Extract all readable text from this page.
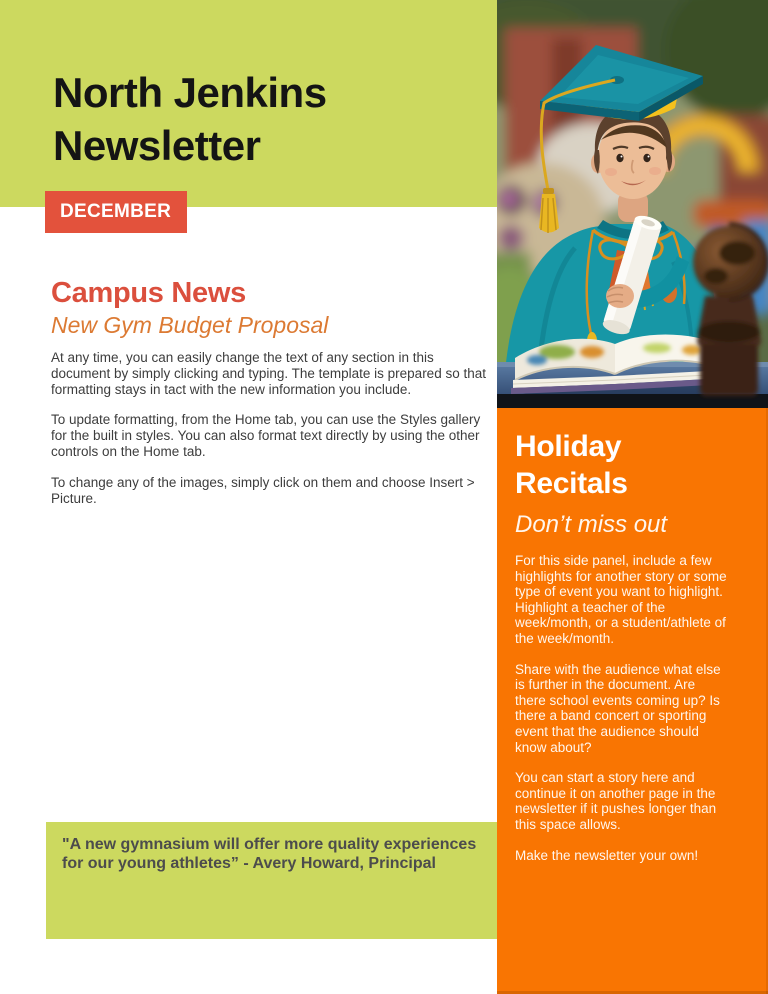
North Jenkins Newsletter
DECEMBER
Campus News
New Gym Budget Proposal

At any time, you can easily change the text of any section in this document by simply clicking and typing. The template is prepared so that formatting stays in tact with the new information you include.

To update formatting, from the Home tab, you can use the Styles gallery for the built in styles. You can also format text directly by using the other controls on the Home tab.

To change any of the images, simply click on them and choose Insert > Picture.

"A new gymnasium will offer more quality experiences for our young athletes” - Avery Howard, Principal

Holiday Recitals
Don’t miss out

For this side panel, include a few highlights for another story or some type of event you want to highlight. Highlight a teacher of the week/month, or a student/athlete of the week/month.

Share with the audience what else is further in the document. Are there school events coming up? Is there a band concert or sporting event that the audience should know about?

You can start a story here and continue it on another page in the newsletter if it pushes longer than this space allows.

Make the newsletter your own!
